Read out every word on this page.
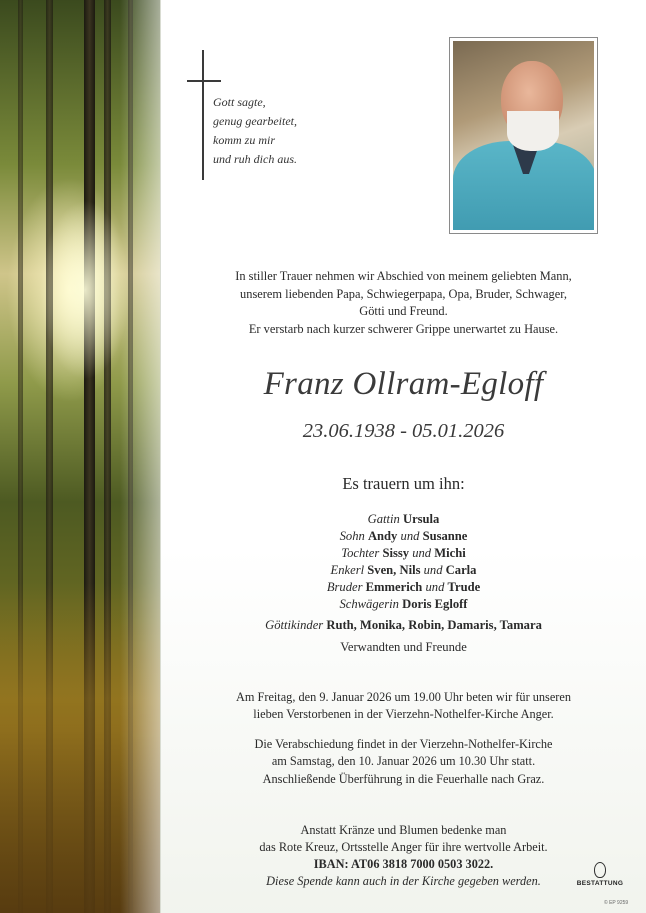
Gott sagte,
genug gearbeitet,
komm zu mir
und ruh dich aus.
In stiller Trauer nehmen wir Abschied von meinem geliebten Mann,
unserem liebenden Papa, Schwiegerpapa, Opa, Bruder, Schwager,
Götti und Freund.
Er verstarb nach kurzer schwerer Grippe unerwartet zu Hause.
Franz Ollram-Egloff
23.06.1938 - 05.01.2026
Es trauern um ihn:
Gattin Ursula
Sohn Andy und Susanne
Tochter Sissy und Michi
Enkerl Sven, Nils und Carla
Bruder Emmerich und Trude
Schwägerin Doris Egloff
Göttikinder Ruth, Monika, Robin, Damaris, Tamara
Verwandten und Freunde
Am Freitag, den 9. Januar 2026 um 19.00 Uhr beten wir für unseren
lieben Verstorbenen in der Vierzehn-Nothelfer-Kirche Anger.
Die Verabschiedung findet in der Vierzehn-Nothelfer-Kirche
am Samstag, den 10. Januar 2026 um 10.30 Uhr statt.
Anschließende Überführung in die Feuerhalle nach Graz.
Anstatt Kränze und Blumen bedenke man
das Rote Kreuz, Ortsstelle Anger für ihre wertvolle Arbeit.
IBAN: AT06 3818 7000 0503 3022.
Diese Spende kann auch in der Kirche gegeben werden.	BESTATTUNG
© EP 9259
